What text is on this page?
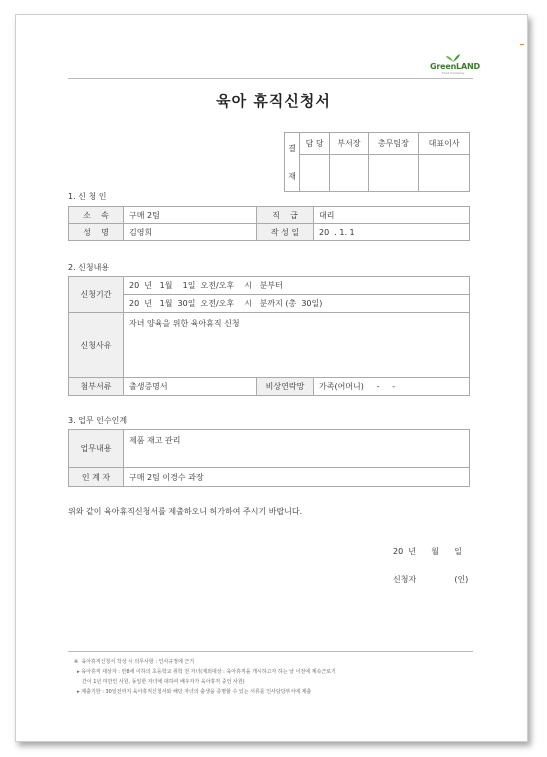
GreenLAND
Food Company
육아 휴직신청서
결
재	담 당	부서장	총무팀장	대표이사

1. 신 청 인
소    속	구매 2팀	직    급	대리
성    명	김영희	작 성 일	20  . 1. 1
2. 신청내용
신청기간	20  년   1월    1일  오전/오후    시   분부터		
	20  년   1월  30일  오전/오후    시   분까지 (총  30일)		
신청사유	자녀 양육을 위한 육아휴직 신청		
첨부서류	출생증명서	비상연락망	가족(어머니)     -     -
3. 업무 인수인계
업무내용	제품 재고 관리
인 계 자	구매 2팀 이경수 과장
위와 같이 육아휴직신청서를 제출하오니 허가하여 주시기 바랍니다.
20  년      월      일
신청자               (인)
※  육아휴직신청서 작성 시 의무사항 : 인사규정에 근거
▸ 육아휴직 대상자 : 만8세 이하의 초등학교 취학 전 자녀(제외대상 : 육아휴직을 개시하고자 하는 날 이전에 계속근로기
간이 1년 미만인 사원, 동일한 자녀에 대하여 배우자가 육아휴직 중인 사원)
▸ 제출기한 : 30일전까지 육아휴직신청서와 해당 자녀의 출생을 증명할 수 있는 서류를 인사담당부서에 제출
